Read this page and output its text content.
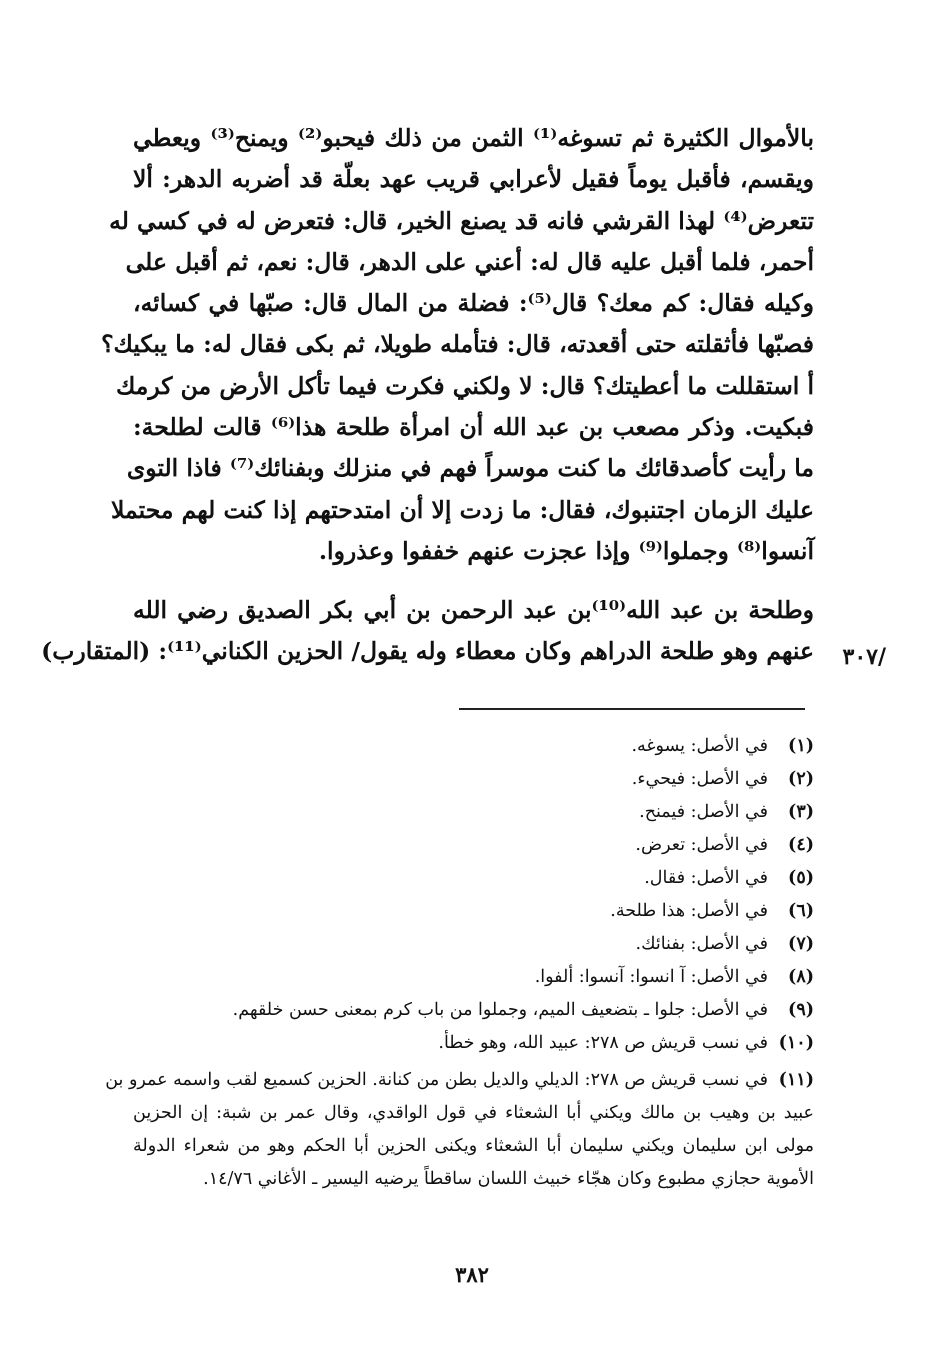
بالأموال الكثيرة ثم تسوغه⁽¹⁾ الثمن من ذلك فيحبو⁽²⁾ ويمنح⁽³⁾ ويعطي
ويقسم، فأقبل يوماً فقيل لأعرابي قريب عهد بعلّة قد أضربه الدهر: ألا
تتعرض⁽⁴⁾ لهذا القرشي فانه قد يصنع الخير، قال: فتعرض له في كسي له
أحمر، فلما أقبل عليه قال له: أعني على الدهر، قال: نعم، ثم أقبل على
وكيله فقال: كم معك؟ قال⁽⁵⁾: فضلة من المال قال: صبّها في كسائه،
فصبّها فأثقلته حتى أقعدته، قال: فتأمله طويلا، ثم بكى فقال له: ما يبكيك؟
أ استقللت ما أعطيتك؟ قال: لا ولكني فكرت فيما تأكل الأرض من كرمك
فبكيت. وذكر مصعب بن عبد الله أن امرأة طلحة هذا⁽⁶⁾ قالت لطلحة:
ما رأيت كأصدقائك ما كنت موسراً فهم في منزلك وبفنائك⁽⁷⁾ فاذا التوى
عليك الزمان اجتنبوك، فقال: ما زدت إلا أن امتدحتهم إذا كنت لهم محتملا
آنسوا⁽⁸⁾ وجملوا⁽⁹⁾ وإذا عجزت عنهم خففوا وعذروا.
وطلحة بن عبد الله⁽¹⁰⁾بن عبد الرحمن بن أبي بكر الصديق رضي الله
عنهم وهو طلحة الدراهم وكان معطاء وله يقول/ الحزين الكناني⁽¹¹⁾: (المتقارب) /٣٠٧
(١)
في الأصل: يسوغه.
(٢)
في الأصل: فيحيء.
(٣)
في الأصل: فيمنح.
(٤)
في الأصل: تعرض.
(٥)
في الأصل: فقال.
(٦)
في الأصل: هذا طلحة.
(٧)
في الأصل: بفنائك.
(٨)
في الأصل: آ انسوا: آنسوا: ألفوا.
(٩)
في الأصل: جلوا ـ بتضعيف الميم، وجملوا من باب كرم بمعنى حسن خلقهم.
(١٠)
في نسب قريش ص ٢٧٨: عبيد الله، وهو خطأ.
(١١)
في نسب قريش ص ٢٧٨: الديلي والديل بطن من كنانة. الحزين كسميع لقب واسمه عمرو بن
عبيد بن وهيب بن مالك ويكني أبا الشعثاء في قول الواقدي، وقال عمر بن شبة: إن الحزين
مولى ابن سليمان ويكني سليمان أبا الشعثاء ويكنى الحزين أبا الحكم وهو من شعراء الدولة
الأموية حجازي مطبوع وكان هجّاء خبيث اللسان ساقطاً يرضيه اليسير ـ الأغاني ١٤/٧٦.
٣٨٢
